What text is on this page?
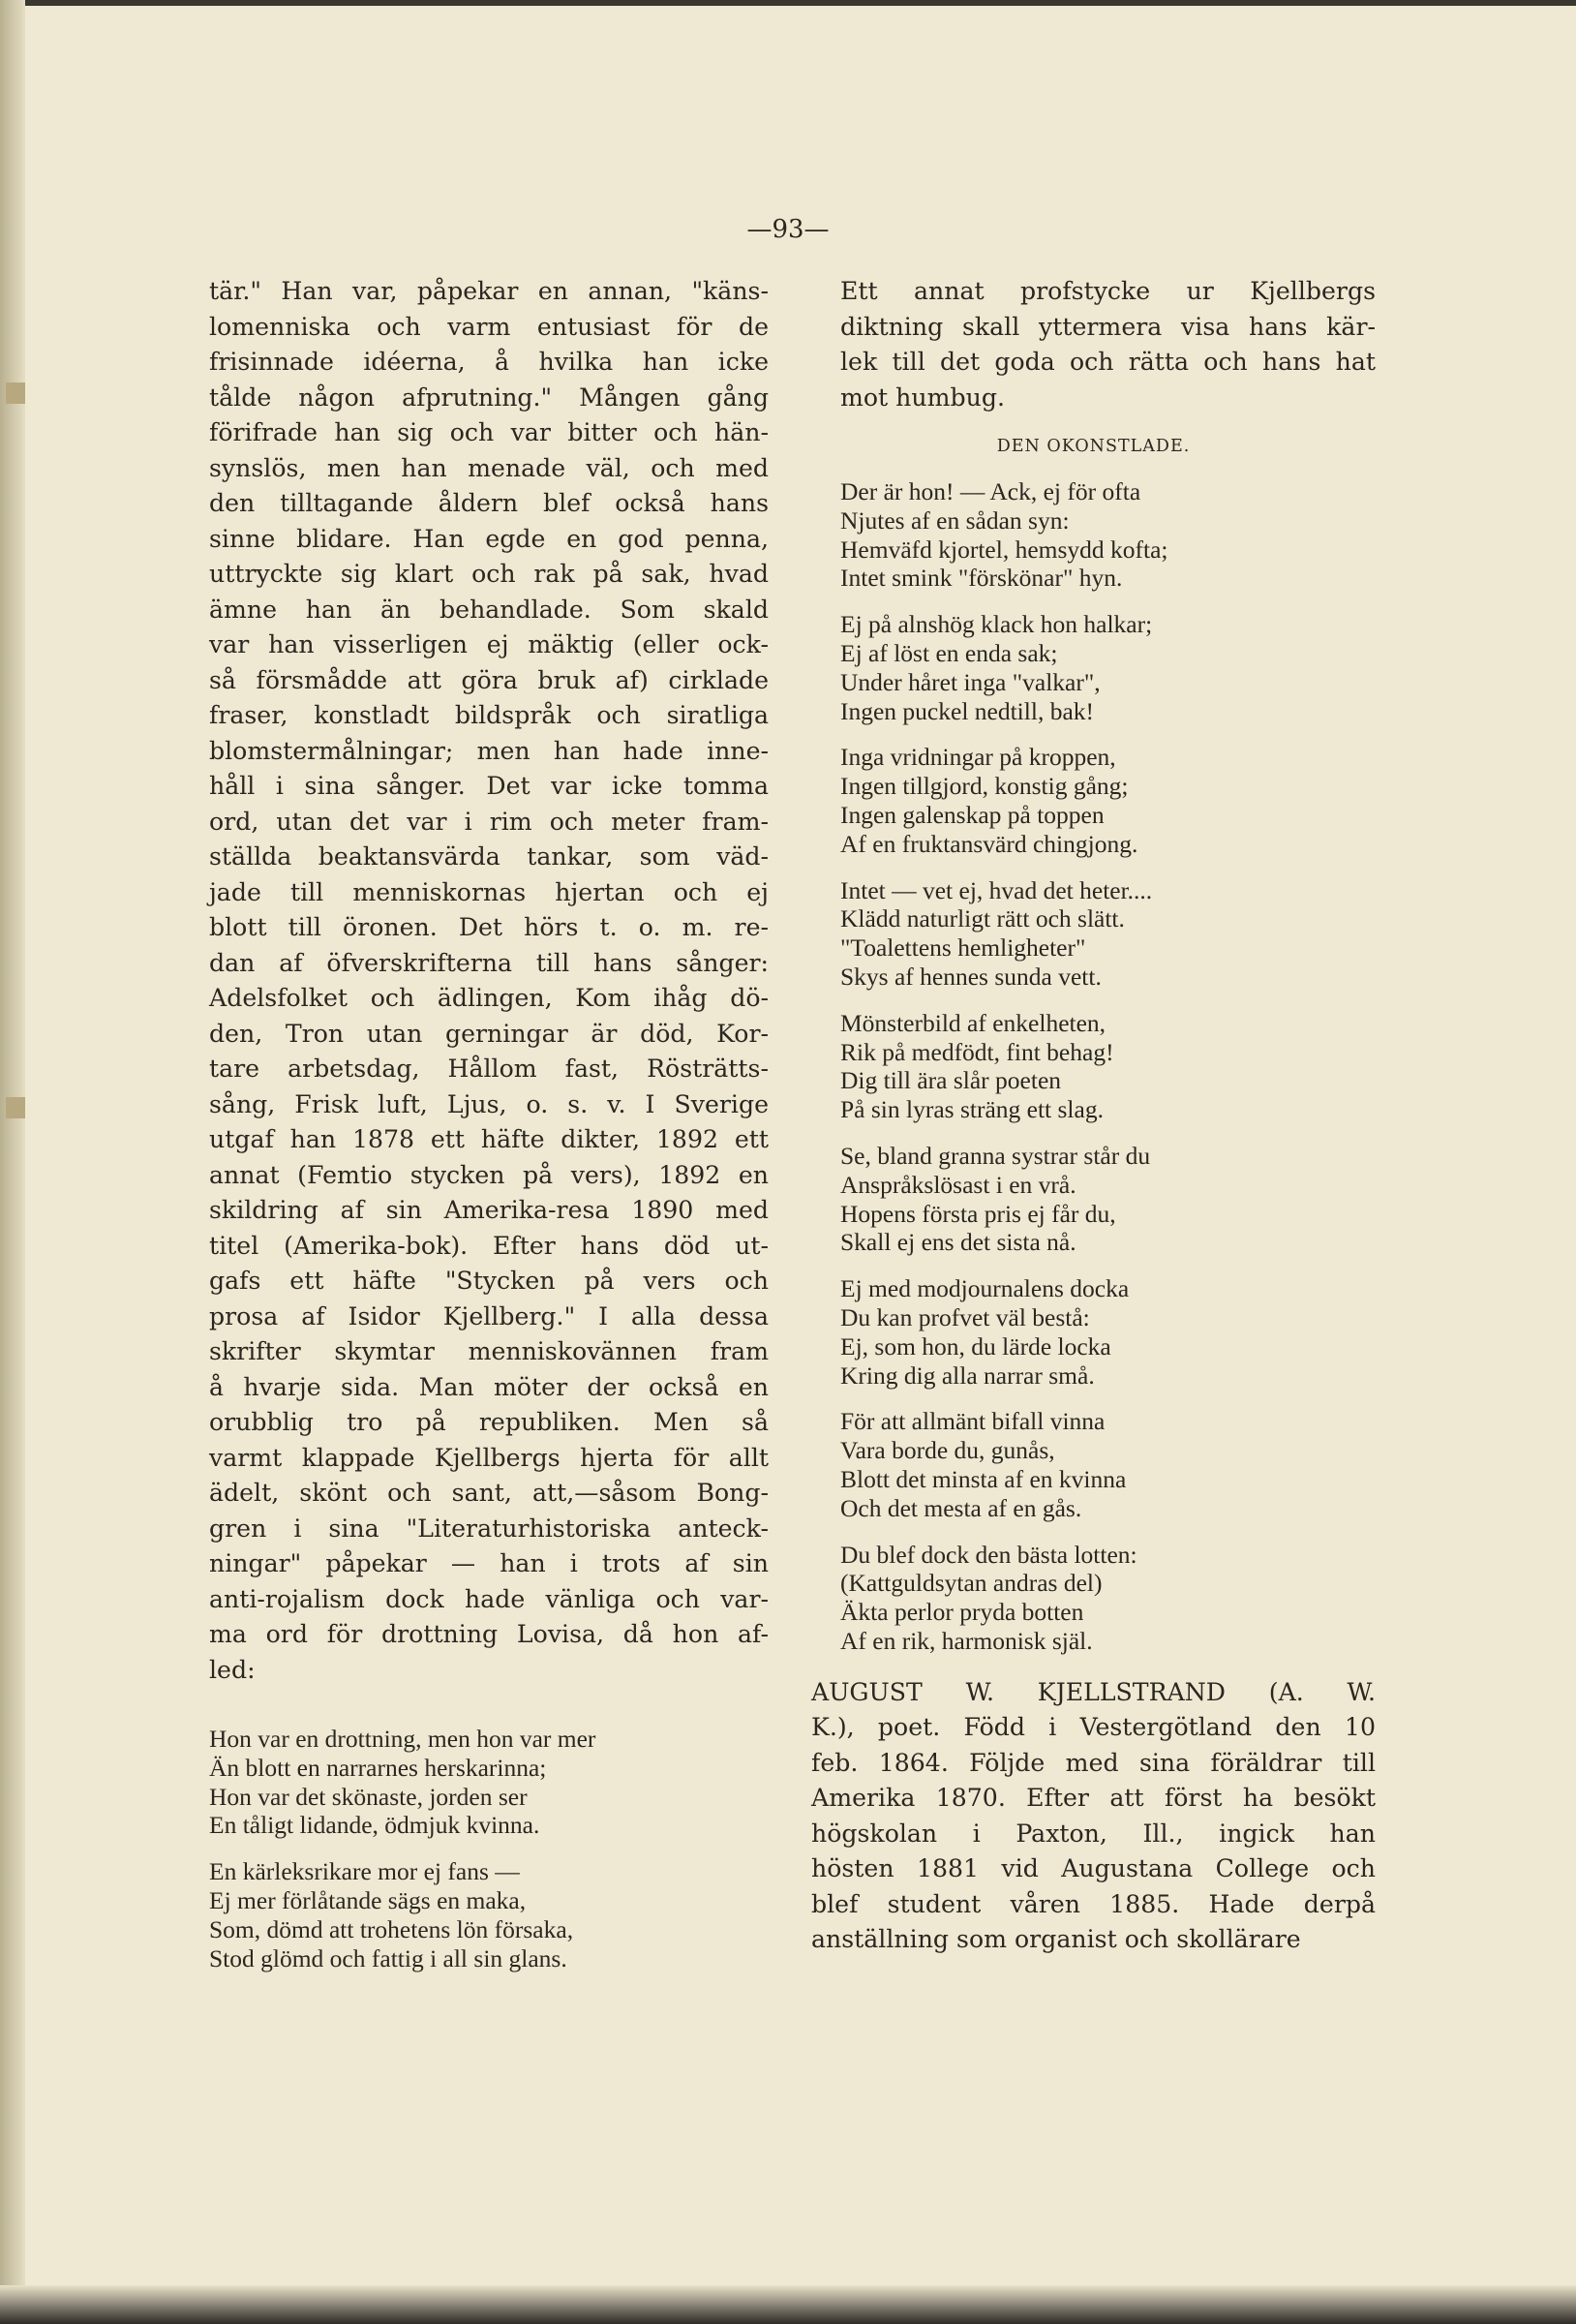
—93—

tär." Han var, påpekar en annan, "käns-
lomenniska och varm entusiast för de
frisinnade idéerna, å hvilka han icke
tålde någon afprutning." Mången gång
förifrade han sig och var bitter och hän-
synslös, men han menade väl, och med
den tilltagande åldern blef också hans
sinne blidare. Han egde en god penna,
uttryckte sig klart och rak på sak, hvad
ämne han än behandlade. Som skald
var han visserligen ej mäktig (eller ock-
så försmådde att göra bruk af) cirklade
fraser, konstladt bildspråk och siratliga
blomstermålningar; men han hade inne-
håll i sina sånger. Det var icke tomma
ord, utan det var i rim och meter fram-
ställda beaktansvärda tankar, som väd-
jade till menniskornas hjertan och ej
blott till öronen. Det hörs t. o. m. re-
dan af öfverskrifterna till hans sånger:
Adelsfolket och ädlingen, Kom ihåg dö-
den, Tron utan gerningar är död, Kor-
tare arbetsdag, Hållom fast, Rösträtts-
sång, Frisk luft, Ljus, o. s. v. I Sverige
utgaf han 1878 ett häfte dikter, 1892 ett
annat (Femtio stycken på vers), 1892 en
skildring af sin Amerika-resa 1890 med
titel (Amerika-bok). Efter hans död ut-
gafs ett häfte "Stycken på vers och
prosa af Isidor Kjellberg." I alla dessa
skrifter skymtar menniskovännen fram
å hvarje sida. Man möter der också en
orubblig tro på republiken. Men så
varmt klappade Kjellbergs hjerta för allt
ädelt, skönt och sant, att,—såsom Bong-
gren i sina "Literaturhistoriska anteck-
ningar" påpekar — han i trots af sin
anti-rojalism dock hade vänliga och var-
ma ord för drottning Lovisa, då hon af-
led:

Hon var en drottning, men hon var mer
Än blott en narrarnes herskarinna;
Hon var det skönaste, jorden ser
En tåligt lidande, ödmjuk kvinna.
En kärleksrikare mor ej fans —
Ej mer förlåtande sägs en maka,
Som, dömd att trohetens lön försaka,
Stod glömd och fattig i all sin glans.

Ett annat profstycke ur Kjellbergs
diktning skall yttermera visa hans kär-
lek till det goda och rätta och hans hat
mot humbug.

DEN OKONSTLADE.

Der är hon! — Ack, ej för ofta
Njutes af en sådan syn:
Hemväfd kjortel, hemsydd kofta;
Intet smink "förskönar" hyn.
Ej på alnshög klack hon halkar;
Ej af löst en enda sak;
Under håret inga "valkar",
Ingen puckel nedtill, bak!
Inga vridningar på kroppen,
Ingen tillgjord, konstig gång;
Ingen galenskap på toppen
Af en fruktansvärd chingjong.
Intet — vet ej, hvad det heter....
Klädd naturligt rätt och slätt.
"Toalettens hemligheter"
Skys af hennes sunda vett.
Mönsterbild af enkelheten,
Rik på medfödt, fint behag!
Dig till ära slår poeten
På sin lyras sträng ett slag.
Se, bland granna systrar står du
Anspråkslösast i en vrå.
Hopens första pris ej får du,
Skall ej ens det sista nå.
Ej med modjournalens docka
Du kan profvet väl bestå:
Ej, som hon, du lärde locka
Kring dig alla narrar små.
För att allmänt bifall vinna
Vara borde du, gunås,
Blott det minsta af en kvinna
Och det mesta af en gås.
Du blef dock den bästa lotten:
(Kattguldsytan andras del)
Äkta perlor pryda botten
Af en rik, harmonisk själ.

AUGUST W. KJELLSTRAND (A. W.
K.), poet. Född i Vestergötland den 10
feb. 1864. Följde med sina föräldrar till
Amerika 1870. Efter att först ha besökt
högskolan i Paxton, Ill., ingick han
hösten 1881 vid Augustana College och
blef student våren 1885. Hade derpå
anställning som organist och skollärare
